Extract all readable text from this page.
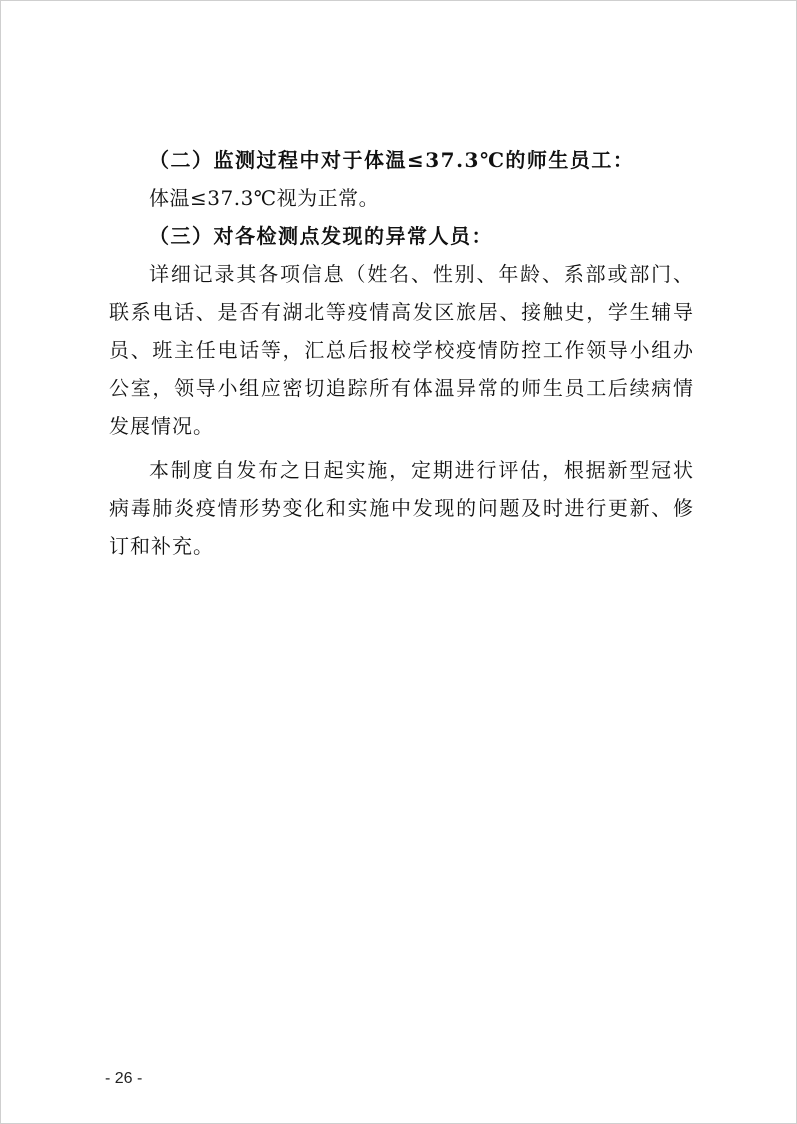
（二）监测过程中对于体温≤37.3℃的师生员工：
体温≤37.3℃视为正常。
（三）对各检测点发现的异常人员：

详细记录其各项信息（姓名、性别、年龄、系部或部门、联系电话、是否有湖北等疫情高发区旅居、接触史，学生辅导员、班主任电话等，汇总后报校学校疫情防控工作领导小组办公室，领导小组应密切追踪所有体温异常的师生员工后续病情发展情况。

本制度自发布之日起实施，定期进行评估，根据新型冠状病毒肺炎疫情形势变化和实施中发现的问题及时进行更新、修订和补充。

- 26 -
